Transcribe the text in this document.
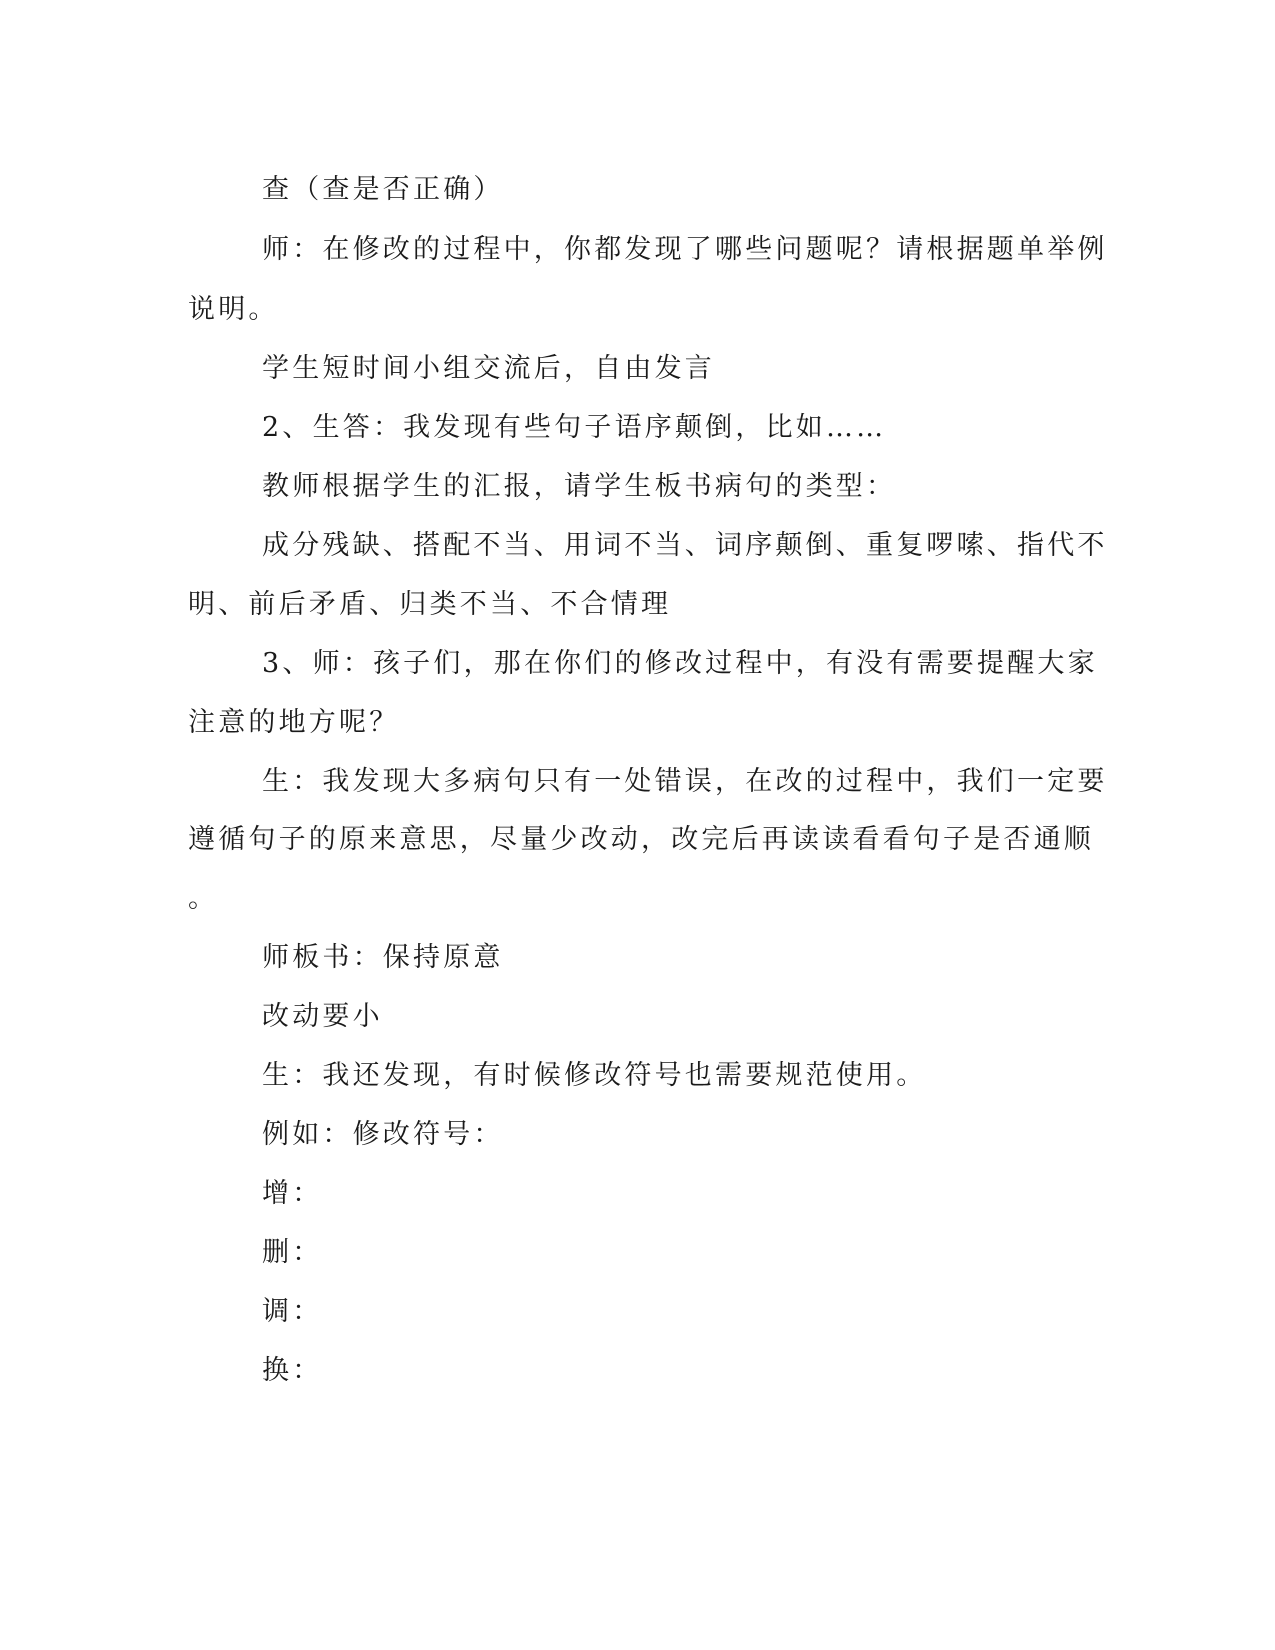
查（查是否正确）

师：在修改的过程中，你都发现了哪些问题呢？请根据题单举例

说明。

学生短时间小组交流后，自由发言

2、生答：我发现有些句子语序颠倒，比如……

教师根据学生的汇报，请学生板书病句的类型：

成分残缺、搭配不当、用词不当、词序颠倒、重复啰嗦、指代不

明、前后矛盾、归类不当、不合情理

3、师：孩子们，那在你们的修改过程中，有没有需要提醒大家

注意的地方呢？

生：我发现大多病句只有一处错误，在改的过程中，我们一定要

遵循句子的原来意思，尽量少改动，改完后再读读看看句子是否通顺

。

师板书：保持原意

改动要小

生：我还发现，有时候修改符号也需要规范使用。

例如：修改符号：

增：

删：

调：

换：
